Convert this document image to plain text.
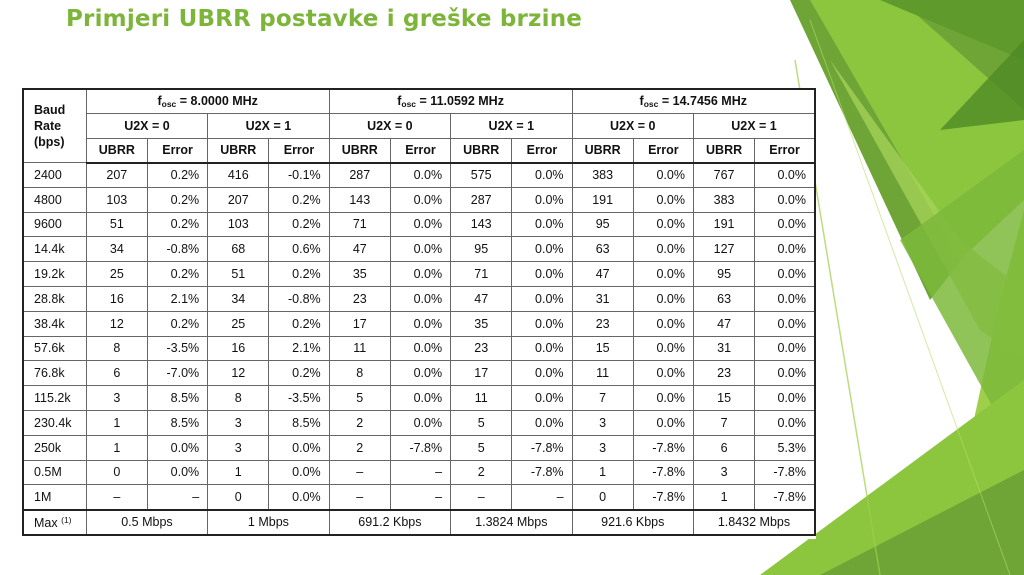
Primjeri UBRR postavke i greške brzine
Baud
Rate
(bps)	$f_{osc} = 8.0000$ MHz				$f_{osc} = 11.0592$ MHz				$f_{osc} = 14.7456$ MHz			
	U2X = 0		U2X = 1		U2X = 0		U2X = 1		U2X = 0		U2X = 1	
	UBRR	Error	UBRR	Error	UBRR	Error	UBRR	Error	UBRR	Error	UBRR	Error
2400	207	0.2%	416	-0.1%	287	0.0%	575	0.0%	383	0.0%	767	0.0%
4800	103	0.2%	207	0.2%	143	0.0%	287	0.0%	191	0.0%	383	0.0%
9600	51	0.2%	103	0.2%	71	0.0%	143	0.0%	95	0.0%	191	0.0%
14.4k	34	-0.8%	68	0.6%	47	0.0%	95	0.0%	63	0.0%	127	0.0%
19.2k	25	0.2%	51	0.2%	35	0.0%	71	0.0%	47	0.0%	95	0.0%
28.8k	16	2.1%	34	-0.8%	23	0.0%	47	0.0%	31	0.0%	63	0.0%
38.4k	12	0.2%	25	0.2%	17	0.0%	35	0.0%	23	0.0%	47	0.0%
57.6k	8	-3.5%	16	2.1%	11	0.0%	23	0.0%	15	0.0%	31	0.0%
76.8k	6	-7.0%	12	0.2%	8	0.0%	17	0.0%	11	0.0%	23	0.0%
115.2k	3	8.5%	8	-3.5%	5	0.0%	11	0.0%	7	0.0%	15	0.0%
230.4k	1	8.5%	3	8.5%	2	0.0%	5	0.0%	3	0.0%	7	0.0%
250k	1	0.0%	3	0.0%	2	-7.8%	5	-7.8%	3	-7.8%	6	5.3%
0.5M	0	0.0%	1	0.0%	–	–	2	-7.8%	1	-7.8%	3	-7.8%
1M	–	–	0	0.0%	–	–	–	–	0	-7.8%	1	-7.8%
Max $^{(1)}$	0.5 Mbps		1 Mbps		691.2 Kbps		1.3824 Mbps		921.6 Kbps		1.8432 Mbps	
